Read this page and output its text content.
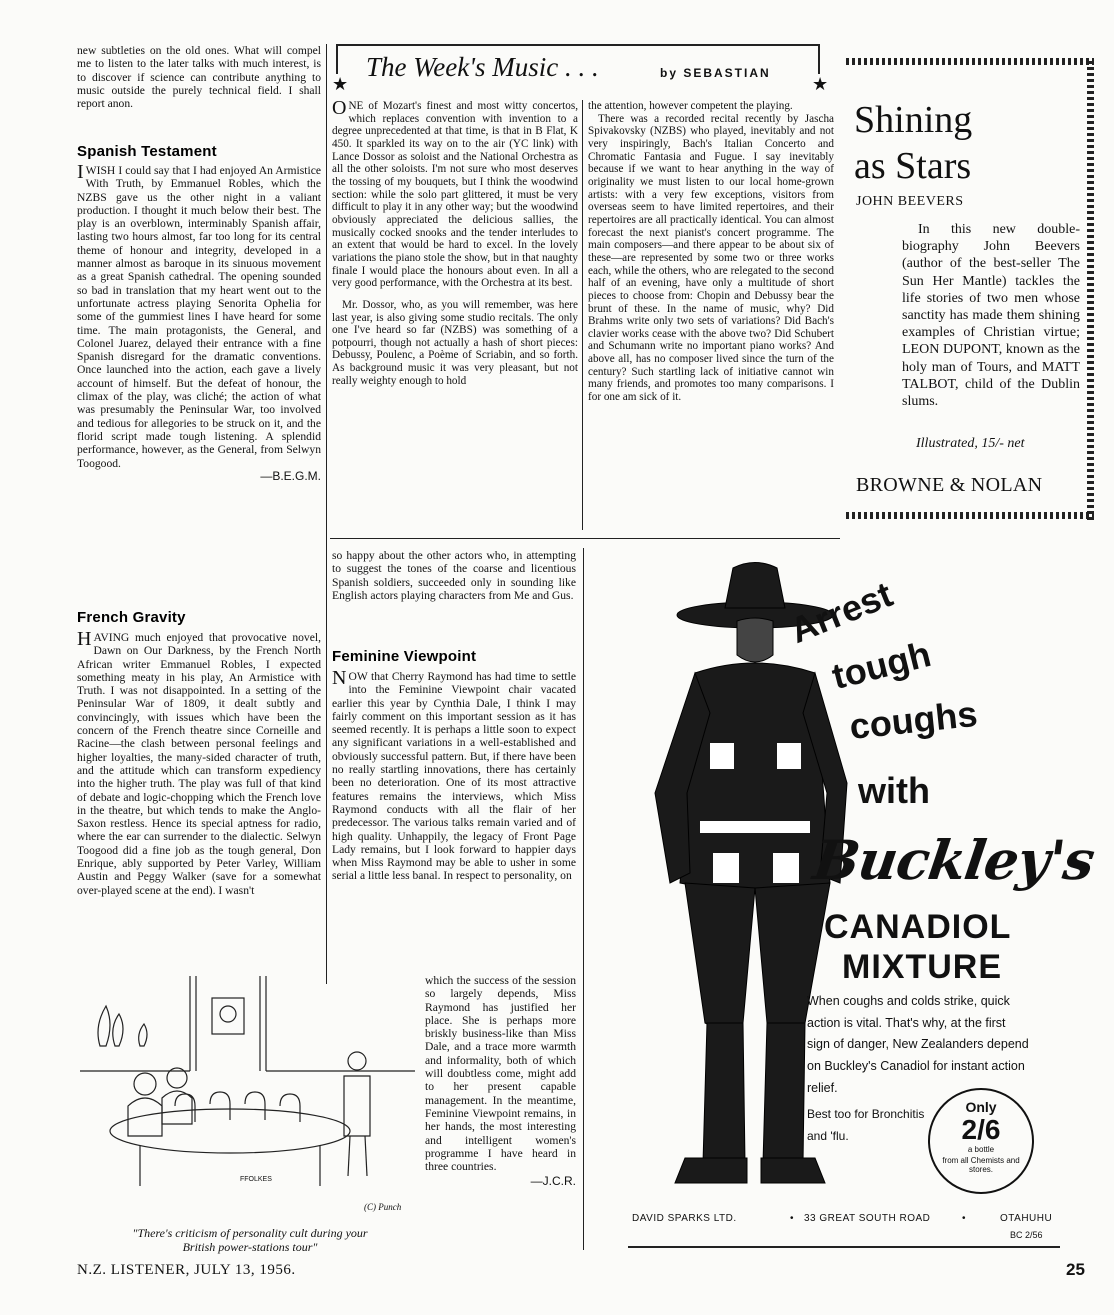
new subtleties on the old ones. What will compel me to listen to the later talks with much interest, is to discover if science can contribute anything to music outside the purely technical field. I shall report anon.

Spanish Testament

I WISH I could say that I had enjoyed An Armistice With Truth, by Emmanuel Robles, which the NZBS gave us the other night in a valiant production. I thought it much below their best. The play is an overblown, interminably Spanish affair, lasting two hours almost, far too long for its central theme of honour and integrity, developed in a manner almost as baroque in its sinuous movement as a great Spanish cathedral. The opening sounded so bad in translation that my heart went out to the unfortunate actress playing Senorita Ophelia for some of the gummiest lines I have heard for some time. The main protagonists, the General, and Colonel Juarez, delayed their entrance with a fine Spanish disregard for the dramatic conventions. Once launched into the action, each gave a lively account of himself. But the defeat of honour, the climax of the play, was cliché; the action of what was presumably the Peninsular War, too involved and tedious for allegories to be struck on it, and the florid script made tough listening. A splendid performance, however, as the General, from Selwyn Toogood.

—B.E.G.M.
French Gravity

HAVING much enjoyed that provocative novel, Dawn on Our Darkness, by the French North African writer Emmanuel Robles, I expected something meaty in his play, An Armistice with Truth. I was not disappointed. In a setting of the Peninsular War of 1809, it dealt subtly and convincingly, with issues which have been the concern of the French theatre since Corneille and Racine—the clash between personal feelings and higher loyalties, the many-sided character of truth, and the attitude which can transform expediency into the higher truth. The play was full of that kind of debate and logic-chopping which the French love in the theatre, but which tends to make the Anglo-Saxon restless. Hence its special aptness for radio, where the ear can surrender to the dialectic. Selwyn Toogood did a fine job as the tough general, Don Enrique, ably supported by Peter Varley, William Austin and Peggy Walker (save for a somewhat over-played scene at the end). I wasn't

★	★
The Week's Music . . .	by SEBASTIAN

ONE of Mozart's finest and most witty concertos, which replaces convention with invention to a degree unprecedented at that time, is that in B Flat, K 450. It sparkled its way on to the air (YC link) with Lance Dossor as soloist and the National Orchestra as all the other soloists. I'm not sure who most deserves the tossing of my bouquets, but I think the woodwind section: while the solo part glittered, it must be very difficult to play it in any other way; but the woodwind obviously appreciated the delicious sallies, the musically cocked snooks and the tender interludes to an extent that would be hard to excel. In the lovely variations the piano stole the show, but in that naughty finale I would place the honours about even. In all a very good performance, with the Orchestra at its best.

Mr. Dossor, who, as you will remember, was here last year, is also giving some studio recitals. The only one I've heard so far (NZBS) was something of a potpourri, though not actually a hash of short pieces: Debussy, Poulenc, a Poème of Scriabin, and so forth. As background music it was very pleasant, but not really weighty enough to hold

the attention, however competent the playing.

There was a recorded recital recently by Jascha Spivakovsky (NZBS) who played, inevitably and not very inspiringly, Bach's Italian Concerto and Chromatic Fantasia and Fugue. I say inevitably because if we want to hear anything in the way of originality we must listen to our local home-grown artists: with a very few exceptions, visitors from overseas seem to have limited repertoires, and their repertoires are all practically identical. You can almost forecast the next pianist's concert programme. The main composers—and there appear to be about six of these—are represented by some two or three works each, while the others, who are relegated to the second half of an evening, have only a multitude of short pieces to choose from: Chopin and Debussy bear the brunt of these. In the name of music, why? Did Brahms write only two sets of variations? Did Bach's clavier works cease with the above two? Did Schubert and Schumann write no important piano works? And above all, has no composer lived since the turn of the century? Such startling lack of initiative cannot win many friends, and promotes too many comparisons. I for one am sick of it.

so happy about the other actors who, in attempting to suggest the tones of the coarse and licentious Spanish soldiers, succeeded only in sounding like English actors playing characters from Me and Gus.
Feminine Viewpoint

NOW that Cherry Raymond has had time to settle into the Feminine Viewpoint chair vacated earlier this year by Cynthia Dale, I think I may fairly comment on this important session as it has seemed recently. It is perhaps a little soon to expect any significant variations in a well-established and obviously successful pattern. But, if there have been no really startling innovations, there has certainly been no deterioration. One of its most attractive features remains the interviews, which Miss Raymond conducts with all the flair of her predecessor. The various talks remain varied and of high quality. Unhappily, the legacy of Front Page Lady remains, but I look forward to happier days when Miss Raymond may be able to usher in some serial a little less banal. In respect to personality, on

which the success of the session so largely depends, Miss Raymond has justified her place. She is perhaps more briskly business-like than Miss Dale, and a trace more warmth and informality, both of which will doubtless come, might add to her present capable management. In the meantime, Feminine Viewpoint remains, in her hands, the most interesting and intelligent women's programme I have heard in three countries.

—J.C.R.
FFOLKES
(C) Punch
"There's criticism of personality cult during your
British power-stations tour"
Shining
as Stars
JOHN BEEVERS
In this new double-biography John Beevers (author of the best-seller The Sun Her Mantle) tackles the life stories of two men whose sanctity has made them shining examples of Christian virtue; LEON DUPONT, known as the holy man of Tours, and MATT TALBOT, child of the Dublin slums.
Illustrated, 15/- net
BROWNE & NOLAN
Arrest
tough
coughs
with
Buckley's
CANADIOL
MIXTURE
When coughs and colds strike, quick action is vital. That's why, at the first sign of danger, New Zealanders depend on Buckley's Canadiol for instant action relief.
Best too for Bronchitis and 'flu.
Only
2/6
a bottle
from all Chemists and stores.
DAVID SPARKS LTD.	• 33 GREAT SOUTH ROAD	•	OTAHUHU
BC 2/56
N.Z. LISTENER, JULY 13, 1956.	25
